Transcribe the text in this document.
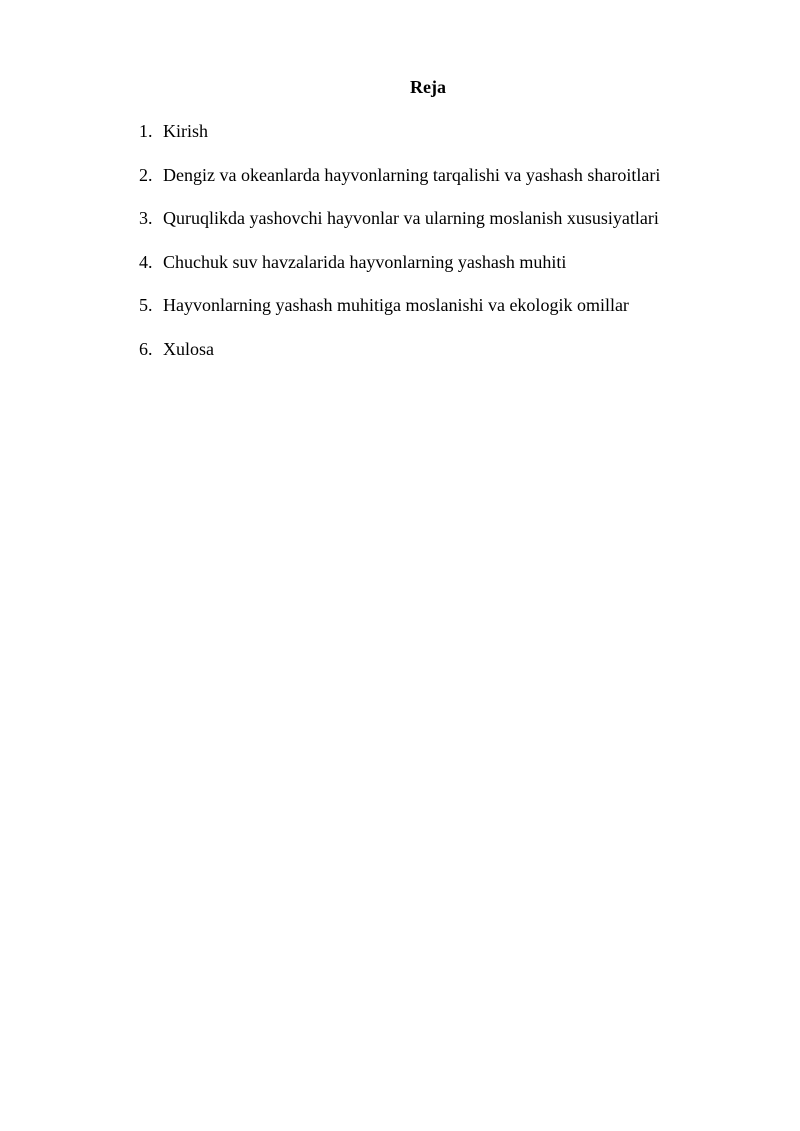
Reja
1. Kirish
2. Dengiz va okeanlarda hayvonlarning tarqalishi va yashash sharoitlari
3. Quruqlikda yashovchi hayvonlar va ularning moslanish xususiyatlari
4. Chuchuk suv havzalarida hayvonlarning yashash muhiti
5. Hayvonlarning yashash muhitiga moslanishi va ekologik omillar
6. Xulosa
